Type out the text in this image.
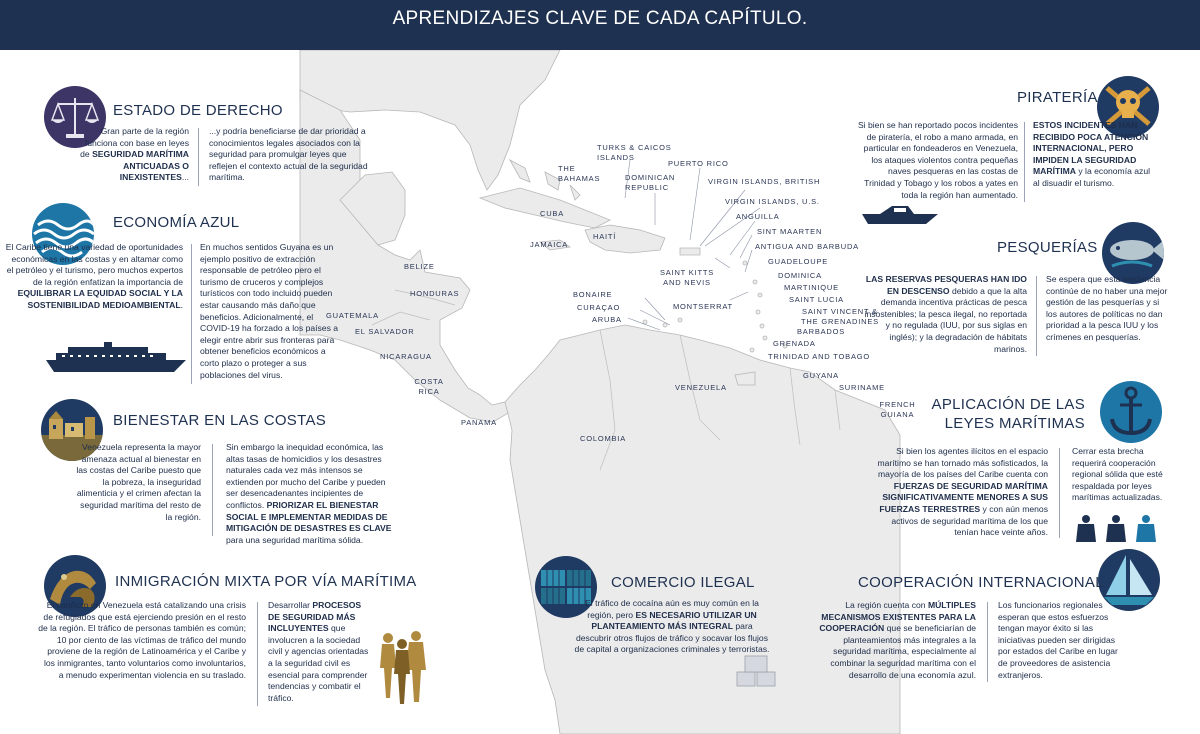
APRENDIZAJES CLAVE DE CADA CAPÍTULO.
TURKS & CAICOS ISLANDS
THE BAHAMAS	DOMINICAN REPUBLIC
PUERTO RICO
VIRGIN ISLANDS, BRITISH
CUBA
VIRGIN ISLANDS, U.S.
ANGUILLA
HAITÍ
SINT MAARTEN
JAMAICA	ANTIGUA AND BARBUDA
GUADELOUPE
SAINT KITTS AND NEVIS
DOMINICA
BELIZE
MARTINIQUE
BONAIRE
MONTSERRAT
SAINT LUCIA
CURAÇAO
HONDURAS
SAINT VINCENT & THE GRENADINES
ARUBA
GUATEMALA
BARBADOS
EL SALVADOR
GRENADA
NICARAGUA	TRINIDAD AND TOBAGO
GUYANA
COSTA RICA	VENEZUELA	SURINAME
FRENCH GUIANA
PANAMA
COLOMBIA
ESTADO DE DERECHO
Gran parte de la región funciona con base en leyes de SEGURIDAD MARÍTIMA ANTICUADAS O INEXISTENTES...
...y podría beneficiarse de dar prioridad a conocimientos legales asociados con la seguridad para promulgar leyes que reflejen el contexto actual de la seguridad marítima.
ECONOMÍA AZUL
El Caribe tiene una variedad de oportunidades económicas en las costas y en altamar como el petróleo y el turismo, pero muchos expertos de la región enfatizan la importancia de EQUILIBRAR LA EQUIDAD SOCIAL Y LA SOSTENIBILIDAD MEDIOAMBIENTAL.
En muchos sentidos Guyana es un ejemplo positivo de extracción responsable de petróleo pero el turismo de cruceros y complejos turísticos con todo incluido pueden estar causando más daño que beneficios. Adicionalmente, el COVID-19 ha forzado a los países a elegir entre abrir sus fronteras para obtener beneficios económicos a corto plazo o proteger a sus poblaciones del virus.
BIENESTAR EN LAS COSTAS
Venezuela representa la mayor amenaza actual al bienestar en las costas del Caribe puesto que la pobreza, la inseguridad alimenticia y el crimen afectan la seguridad marítima del resto de la región.
Sin embargo la inequidad económica, las altas tasas de homicidios y los desastres naturales cada vez más intensos se extienden por mucho del Caribe y pueden ser desencadenantes incipientes de conflictos. PRIORIZAR EL BIENESTAR SOCIAL E IMPLEMENTAR MEDIDAS DE MITIGACIÓN DE DESASTRES ES CLAVE para una seguridad marítima sólida.
INMIGRACIÓN MIXTA POR VÍA MARÍTIMA
El conflicto en Venezuela está catalizando una crisis de refugiados que está ejerciendo presión en el resto de la región. El tráfico de personas también es común; 10 por ciento de las víctimas de tráfico del mundo proviene de la región de Latinoamérica y el Caribe y los inmigrantes, tanto voluntarios como involuntarios, a menudo experimentan violencia en su traslado.
Desarrollar PROCESOS DE SEGURIDAD MÁS INCLUYENTES que involucren a la sociedad civil y agencias orientadas a la seguridad civil es esencial para comprender tendencias y combatir el tráfico.
COMERCIO ILEGAL
El tráfico de cocaína aún es muy común en la región, pero ES NECESARIO UTILIZAR UN PLANTEAMIENTO MÁS INTEGRAL para descubrir otros flujos de tráfico y socavar los flujos de capital a organizaciones criminales y terroristas.
PIRATERÍA
Si bien se han reportado pocos incidentes de piratería, el robo a mano armada, en particular en fondeaderos en Venezuela, los ataques violentos contra pequeñas naves pesqueras en las costas de Trinidad y Tobago y los robos a yates en toda la región han aumentado.
ESTOS INCIDENTES HAN RECIBIDO POCA ATENCIÓN INTERNACIONAL, PERO IMPIDEN LA SEGURIDAD MARÍTIMA y la economía azul al disuadir el turismo.
PESQUERÍAS
LAS RESERVAS PESQUERAS HAN IDO EN DESCENSO debido a que la alta demanda incentiva prácticas de pesca insostenibles; la pesca ilegal, no reportada y no regulada (IUU, por sus siglas en inglés); y la degradación de hábitats marinos.
Se espera que esta tendencia continúe de no haber una mejor gestión de las pesquerías y si los autores de políticas no dan prioridad a la pesca IUU y los crímenes en pesquerías.
APLICACIÓN DE LAS LEYES MARÍTIMAS
Si bien los agentes ilícitos en el espacio marítimo se han tornado más sofisticados, la mayoría de los países del Caribe cuenta con FUERZAS DE SEGURIDAD MARÍTIMA SIGNIFICATIVAMENTE MENORES A SUS FUERZAS TERRESTRES y con aún menos activos de seguridad marítima de los que tenían hace veinte años.
Cerrar esta brecha requerirá cooperación regional sólida que esté respaldada por leyes marítimas actualizadas.
COOPERACIÓN INTERNACIONAL
La región cuenta con MÚLTIPLES MECANISMOS EXISTENTES PARA LA COOPERACIÓN que se beneficiarían de planteamientos más integrales a la seguridad marítima, especialmente al combinar la seguridad marítima con el desarrollo de una economía azul.
Los funcionarios regionales esperan que estos esfuerzos tengan mayor éxito si las iniciativas pueden ser dirigidas por estados del Caribe en lugar de proveedores de asistencia extranjeros.
